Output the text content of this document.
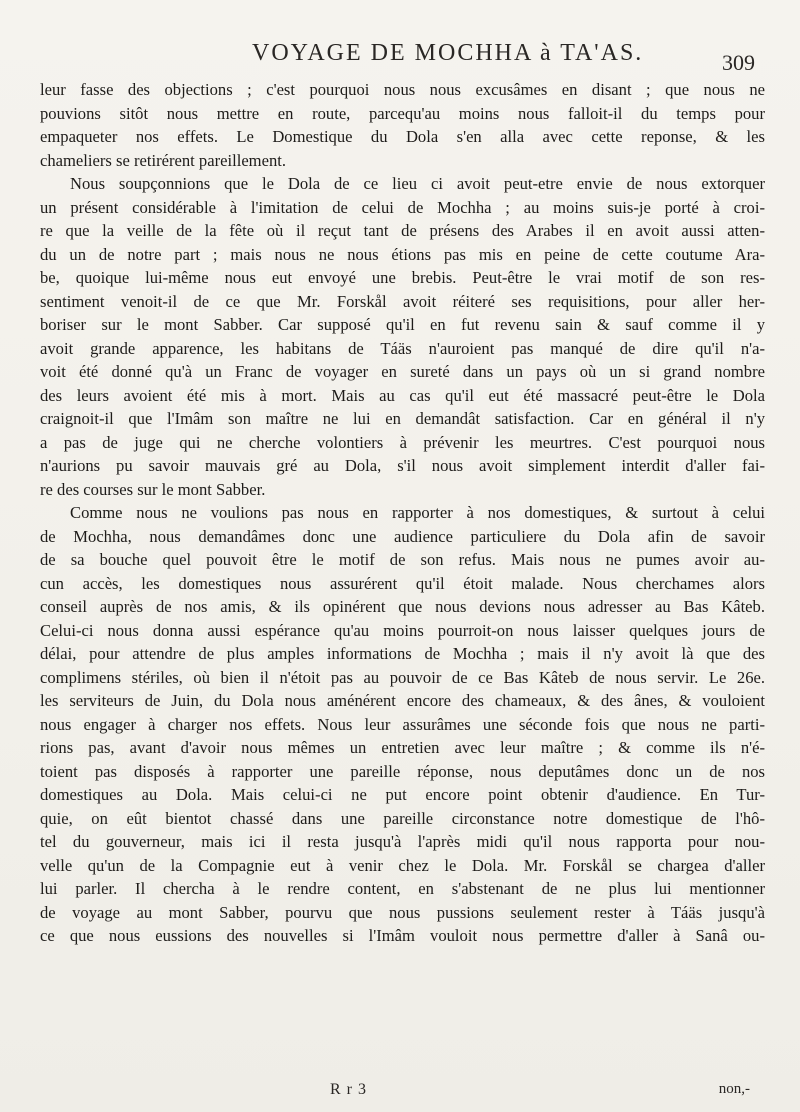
VOYAGE DE MOCHHA à TA'AS.	309
leur fasse des objections ; c'est pourquoi nous nous excusâmes en disant ; que nous ne
pouvions sitôt nous mettre en route, parcequ'au moins nous falloit-il du temps pour
empaqueter nos effets. Le Domestique du Dola s'en alla avec cette reponse, & les
chameliers se retirérent pareillement.
Nous soupçonnions que le Dola de ce lieu ci avoit peut-etre envie de nous extorquer
un présent considérable à l'imitation de celui de Mochha ; au moins suis-je porté à croi-
re que la veille de la fête où il reçut tant de présens des Arabes il en avoit aussi atten-
du un de notre part ; mais nous ne nous étions pas mis en peine de cette coutume Ara-
be, quoique lui-même nous eut envoyé une brebis. Peut-être le vrai motif de son res-
sentiment venoit-il de ce que Mr. Forskål avoit réiteré ses requisitions, pour aller her-
boriser sur le mont Sabber. Car supposé qu'il en fut revenu sain & sauf comme il y
avoit grande apparence, les habitans de Táäs n'auroient pas manqué de dire qu'il n'a-
voit été donné qu'à un Franc de voyager en sureté dans un pays où un si grand nombre
des leurs avoient été mis à mort. Mais au cas qu'il eut été massacré peut-être le Dola
craignoit-il que l'Imâm son maître ne lui en demandât satisfaction. Car en général il n'y
a pas de juge qui ne cherche volontiers à prévenir les meurtres. C'est pourquoi nous
n'aurions pu savoir mauvais gré au Dola, s'il nous avoit simplement interdit d'aller fai-
re des courses sur le mont Sabber.
Comme nous ne voulions pas nous en rapporter à nos domestiques, & surtout à celui
de Mochha, nous demandâmes donc une audience particuliere du Dola afin de savoir
de sa bouche quel pouvoit être le motif de son refus. Mais nous ne pumes avoir au-
cun accès, les domestiques nous assurérent qu'il étoit malade. Nous cherchames alors
conseil auprès de nos amis, & ils opinérent que nous devions nous adresser au Bas Kâteb.
Celui-ci nous donna aussi espérance qu'au moins pourroit-on nous laisser quelques jours de
délai, pour attendre de plus amples informations de Mochha ; mais il n'y avoit là que des
complimens stériles, où bien il n'étoit pas au pouvoir de ce Bas Kâteb de nous servir. Le 26e.
les serviteurs de Juin, du Dola nous aménérent encore des chameaux, & des ânes, & vouloient
nous engager à charger nos effets. Nous leur assurâmes une séconde fois que nous ne parti-
rions pas, avant d'avoir nous mêmes un entretien avec leur maître ; & comme ils n'é-
toient pas disposés à rapporter une pareille réponse, nous deputâmes donc un de nos
domestiques au Dola. Mais celui-ci ne put encore point obtenir d'audience. En Tur-
quie, on eût bientot chassé dans une pareille circonstance notre domestique de l'hô-
tel du gouverneur, mais ici il resta jusqu'à l'après midi qu'il nous rapporta pour nou-
velle qu'un de la Compagnie eut à venir chez le Dola. Mr. Forskål se chargea d'aller
lui parler. Il chercha à le rendre content, en s'abstenant de ne plus lui mentionner
de voyage au mont Sabber, pourvu que nous pussions seulement rester à Táäs jusqu'à
ce que nous eussions des nouvelles si l'Imâm vouloit nous permettre d'aller à Sanâ ou-
R r 3	non,-
